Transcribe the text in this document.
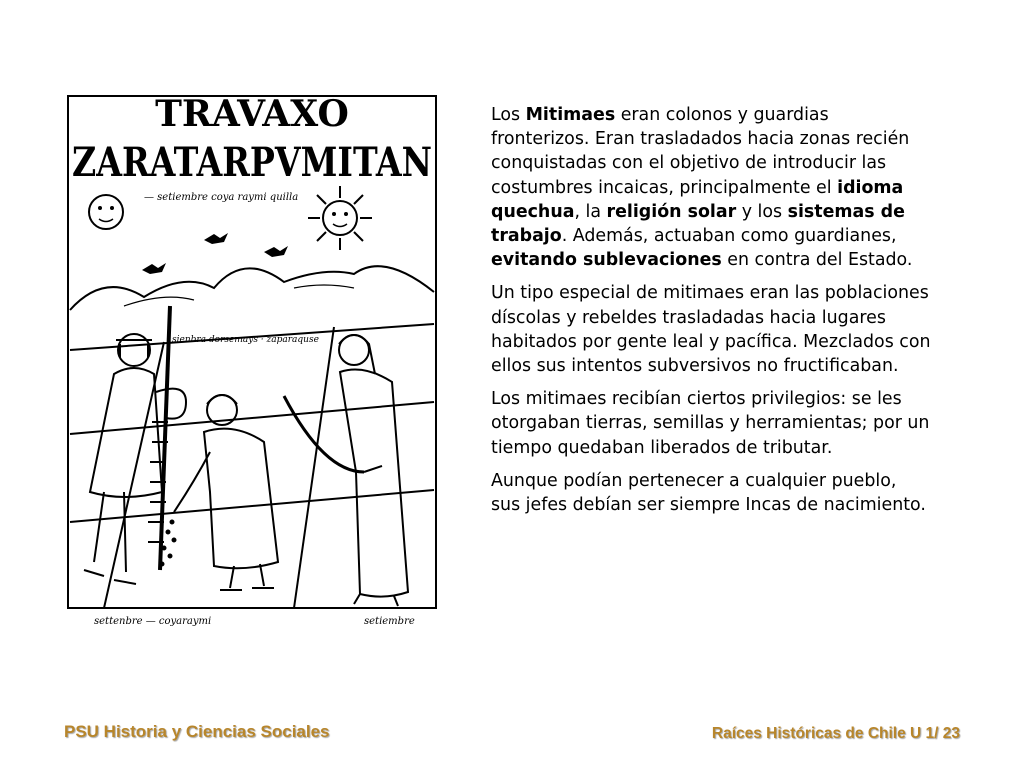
TRAVAXO
ZARATARPVMITAN
— setiembre coya raymi quilla
sienbra dorsemays · zaparaquse
settenbre — coyaraymi	setiembre

Los Mitimaes eran colonos y guardias fronterizos. Eran trasladados hacia zonas recién conquistadas con el objetivo de introducir las costumbres incaicas, principalmente el idioma quechua, la religión solar y los sistemas de trabajo. Además, actuaban como guardianes, evitando sublevaciones en contra del Estado.

Un tipo especial de mitimaes eran las poblaciones díscolas y rebeldes trasladadas hacia lugares habitados por gente leal y pacífica. Mezclados con ellos sus intentos subversivos no fructificaban.

Los mitimaes recibían ciertos privilegios: se les otorgaban tierras, semillas y herramientas; por un tiempo quedaban liberados de tributar.

Aunque podían pertenecer a cualquier pueblo, sus jefes debían ser siempre Incas de nacimiento.

PSU Historia y Ciencias Sociales	Raíces Históricas de Chile U 1/ 23
